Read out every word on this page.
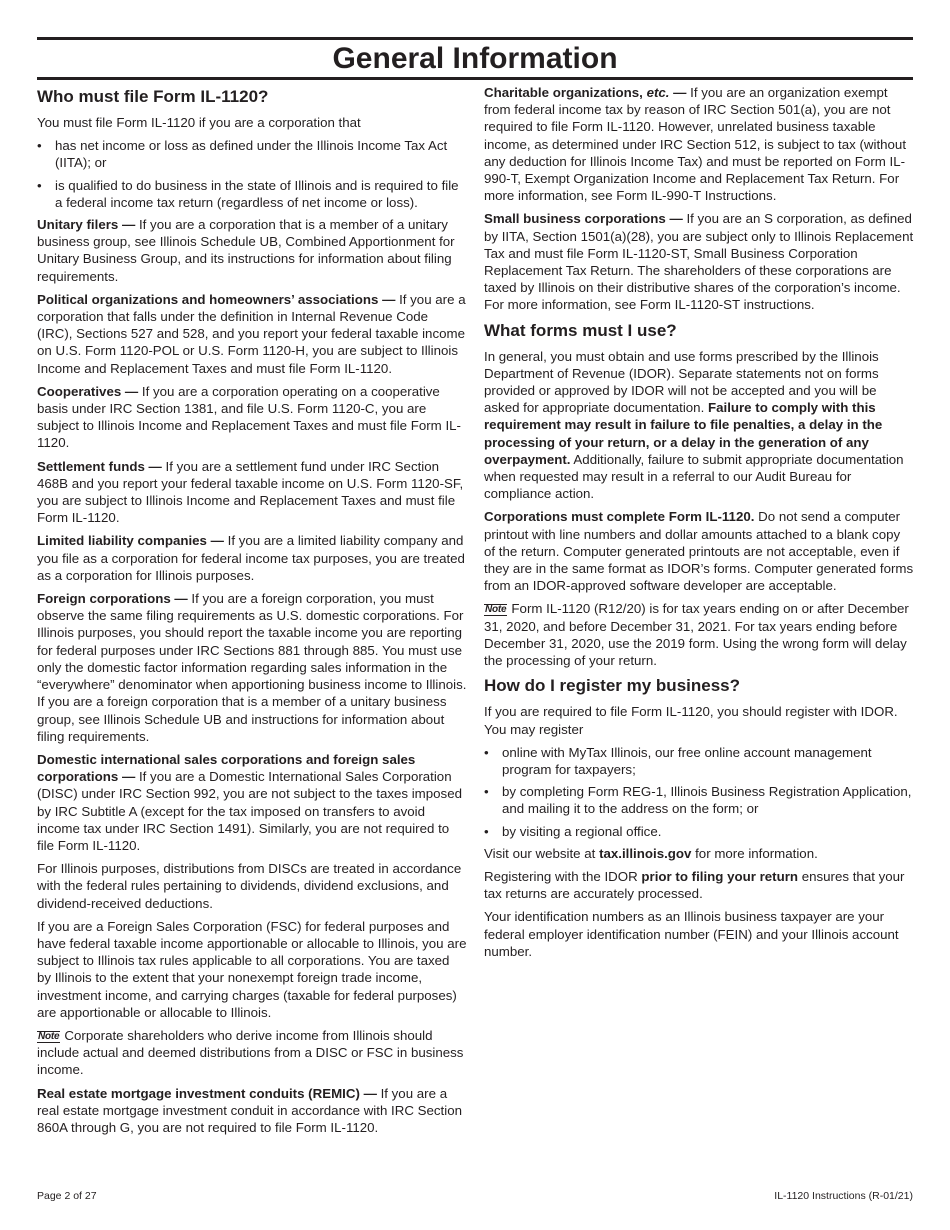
General Information
Who must file Form IL-1120?

You must file Form IL-1120 if you are a corporation that

• has net income or loss as defined under the Illinois Income Tax Act (IITA); or
• is qualified to do business in the state of Illinois and is required to file a federal income tax return (regardless of net income or loss).

Unitary filers — If you are a corporation that is a member of a unitary business group, see Illinois Schedule UB, Combined Apportionment for Unitary Business Group, and its instructions for information about filing requirements.

Political organizations and homeowners’ associations — If you are a corporation that falls under the definition in Internal Revenue Code (IRC), Sections 527 and 528, and you report your federal taxable income on U.S. Form 1120-POL or U.S. Form 1120-H, you are subject to Illinois Income and Replacement Taxes and must file Form IL-1120.

Cooperatives — If you are a corporation operating on a cooperative basis under IRC Section 1381, and file U.S. Form 1120-C, you are subject to Illinois Income and Replacement Taxes and must file Form IL-1120.

Settlement funds — If you are a settlement fund under IRC Section 468B and you report your federal taxable income on U.S. Form 1120-SF, you are subject to Illinois Income and Replacement Taxes and must file Form IL-1120.

Limited liability companies — If you are a limited liability company and you file as a corporation for federal income tax purposes, you are treated as a corporation for Illinois purposes.

Foreign corporations — If you are a foreign corporation, you must observe the same filing requirements as U.S. domestic corporations. For Illinois purposes, you should report the taxable income you are reporting for federal purposes under IRC Sections 881 through 885. You must use only the domestic factor information regarding sales information in the “everywhere” denominator when apportioning business income to Illinois. If you are a foreign corporation that is a member of a unitary business group, see Illinois Schedule UB and instructions for information about filing requirements.

Domestic international sales corporations and foreign sales corporations — If you are a Domestic International Sales Corporation (DISC) under IRC Section 992, you are not subject to the taxes imposed by IRC Subtitle A (except for the tax imposed on transfers to avoid income tax under IRC Section 1491). Similarly, you are not required to file Form IL-1120.

For Illinois purposes, distributions from DISCs are treated in accordance with the federal rules pertaining to dividends, dividend exclusions, and dividend-received deductions.

If you are a Foreign Sales Corporation (FSC) for federal purposes and have federal taxable income apportionable or allocable to Illinois, you are subject to Illinois tax rules applicable to all corporations. You are taxed by Illinois to the extent that your nonexempt foreign trade income, investment income, and carrying charges (taxable for federal purposes) are apportionable or allocable to Illinois.

Note Corporate shareholders who derive income from Illinois should include actual and deemed distributions from a DISC or FSC in business income.

Real estate mortgage investment conduits (REMIC) — If you are a real estate mortgage investment conduit in accordance with IRC Section 860A through G, you are not required to file Form IL-1120.

Charitable organizations, etc. — If you are an organization exempt from federal income tax by reason of IRC Section 501(a), you are not required to file Form IL-1120. However, unrelated business taxable income, as determined under IRC Section 512, is subject to tax (without any deduction for Illinois Income Tax) and must be reported on Form IL-990-T, Exempt Organization Income and Replacement Tax Return. For more information, see Form IL-990-T Instructions.

Small business corporations — If you are an S corporation, as defined by IITA, Section 1501(a)(28), you are subject only to Illinois Replacement Tax and must file Form IL-1120-ST, Small Business Corporation Replacement Tax Return. The shareholders of these corporations are taxed by Illinois on their distributive shares of the corporation’s income. For more information, see Form IL-1120-ST instructions.

What forms must I use?

In general, you must obtain and use forms prescribed by the Illinois Department of Revenue (IDOR). Separate statements not on forms provided or approved by IDOR will not be accepted and you will be asked for appropriate documentation. Failure to comply with this requirement may result in failure to file penalties, a delay in the processing of your return, or a delay in the generation of any overpayment. Additionally, failure to submit appropriate documentation when requested may result in a referral to our Audit Bureau for compliance action.

Corporations must complete Form IL-1120. Do not send a computer printout with line numbers and dollar amounts attached to a blank copy of the return. Computer generated printouts are not acceptable, even if they are in the same format as IDOR’s forms. Computer generated forms from an IDOR-approved software developer are acceptable.

Note Form IL-1120 (R12/20) is for tax years ending on or after December 31, 2020, and before December 31, 2021. For tax years ending before December 31, 2020, use the 2019 form. Using the wrong form will delay the processing of your return.

How do I register my business?

If you are required to file Form IL-1120, you should register with IDOR. You may register

• online with MyTax Illinois, our free online account management program for taxpayers;
• by completing Form REG-1, Illinois Business Registration Application, and mailing it to the address on the form; or
• by visiting a regional office.

Visit our website at tax.illinois.gov for more information.

Registering with the IDOR prior to filing your return ensures that your tax returns are accurately processed.

Your identification numbers as an Illinois business taxpayer are your federal employer identification number (FEIN) and your Illinois account number.

Page 2 of 27	IL-1120 Instructions (R-01/21)
